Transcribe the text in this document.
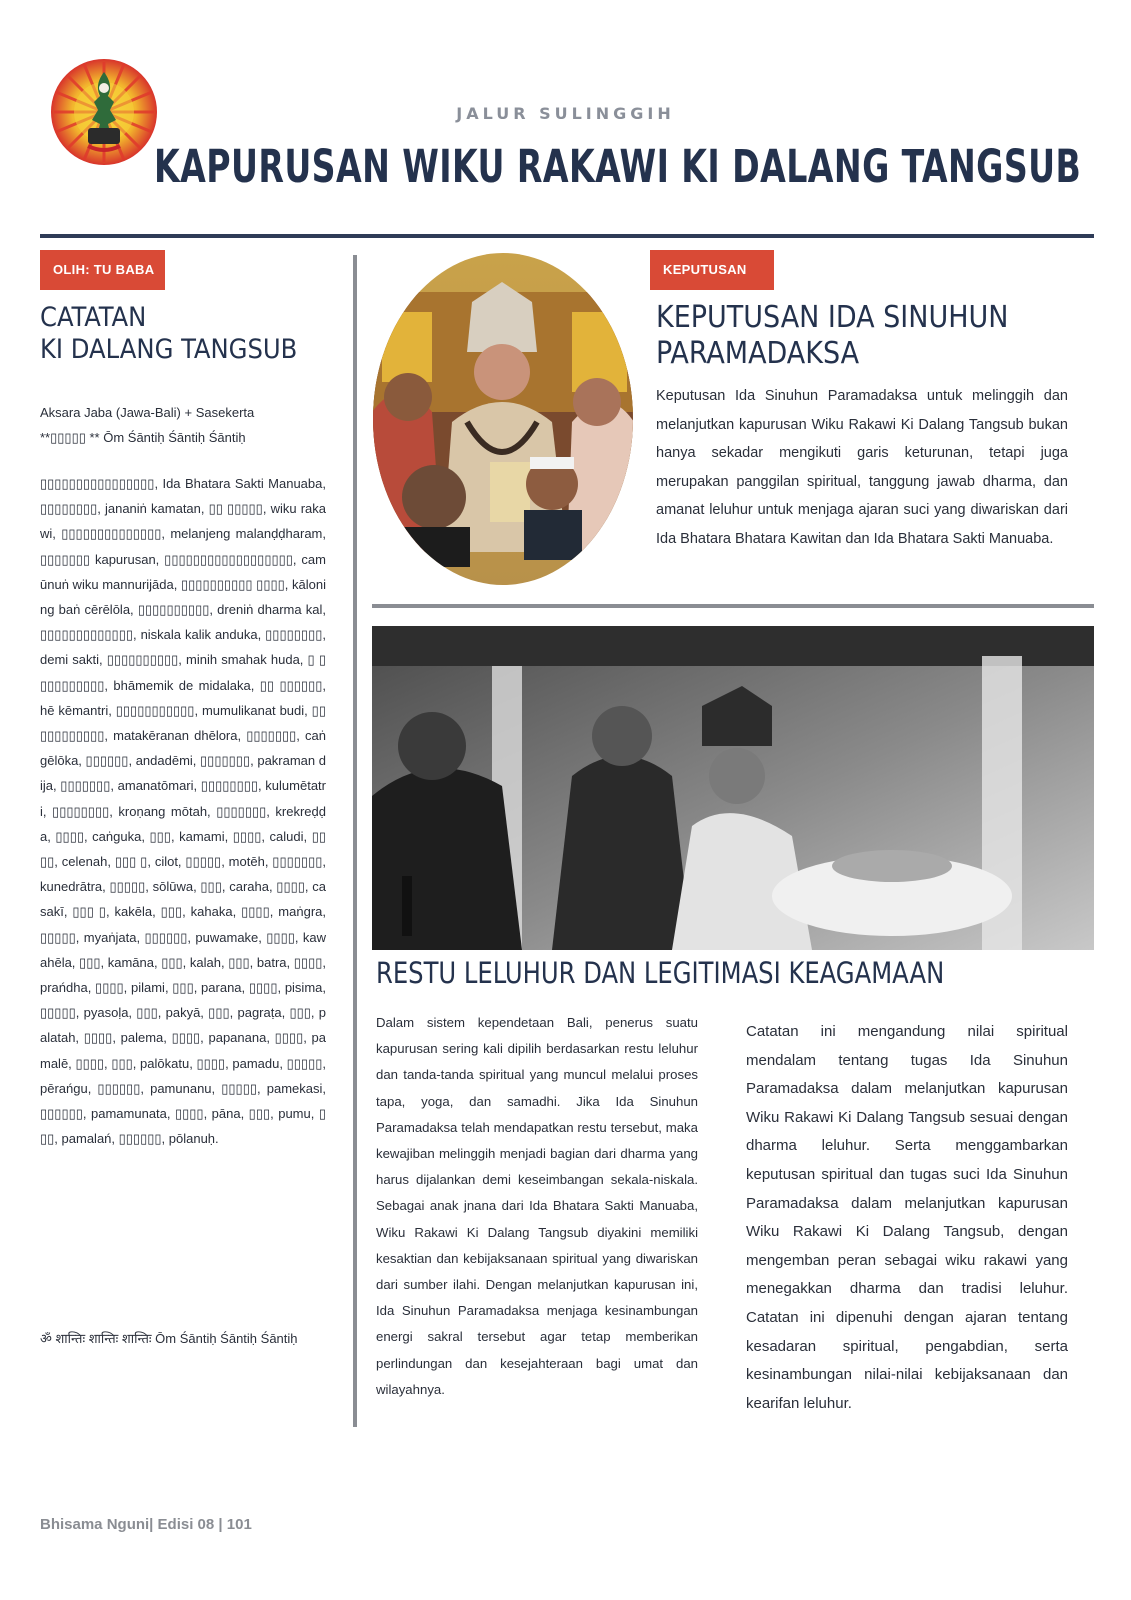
JALUR SULINGGIH
KAPURUSAN WIKU RAKAWI KI DALANG TANGSUB
OLIH: TU BABA
CATATAN
KI DALANG TANGSUB
Aksara Jaba (Jawa-Bali) + Sasekerta
**▯▯▯▯▯ ** Ōm Śāntiḥ Śāntiḥ Śāntiḥ
▯▯▯▯▯▯▯▯▯▯▯▯▯▯▯▯, Ida Bhatara Sakti Manuaba, ▯▯▯▯▯▯▯▯, jananiṅ kamatan, ▯▯ ▯▯▯▯▯, wiku rakawi, ▯▯▯▯▯▯▯▯▯▯▯▯▯▯, melanjeng malanḍḍharam, ▯▯▯▯▯▯▯ kapurusan, ▯▯▯▯▯▯▯▯▯▯▯▯▯▯▯▯▯▯, camūnuṅ wiku mannurijāda, ▯▯▯▯▯▯▯▯▯▯ ▯▯▯▯, kāloning baṅ cērēlōla, ▯▯▯▯▯▯▯▯▯▯, dreniṅ dharma kal, ▯▯▯▯▯▯▯▯▯▯▯▯▯, niskala kalik anduka, ▯▯▯▯▯▯▯▯, demi sakti, ▯▯▯▯▯▯▯▯▯▯, minih smahak huda, ▯ ▯▯▯▯▯▯▯▯▯▯, bhāmemik de midalaka, ▯▯ ▯▯▯▯▯▯, hē kēmantri, ▯▯▯▯▯▯▯▯▯▯▯, mumulikanat budi, ▯▯▯▯▯▯▯▯▯▯▯, matakēranan dhēlora, ▯▯▯▯▯▯▯, caṅgēlōka, ▯▯▯▯▯▯, andadēmi, ▯▯▯▯▯▯▯, pakraman dija, ▯▯▯▯▯▯▯, amanatōmari, ▯▯▯▯▯▯▯▯, kulumētatri, ▯▯▯▯▯▯▯▯, kroṇang mōtah, ▯▯▯▯▯▯▯, krekreḍḍa, ▯▯▯▯, caṅguka, ▯▯▯, kamami, ▯▯▯▯, caludi, ▯▯▯▯, celenah, ▯▯▯ ▯, cilot, ▯▯▯▯▯, motēh, ▯▯▯▯▯▯▯, kunedrātra, ▯▯▯▯▯, sōlūwa, ▯▯▯, caraha, ▯▯▯▯, casakī, ▯▯▯ ▯, kakēla, ▯▯▯, kahaka, ▯▯▯▯, maṅgra, ▯▯▯▯▯, myaṅjata, ▯▯▯▯▯▯, puwamake, ▯▯▯▯, kawahēla, ▯▯▯, kamāna, ▯▯▯, kalah, ▯▯▯, batra, ▯▯▯▯, prańdha, ▯▯▯▯, pilami, ▯▯▯, parana, ▯▯▯▯, pisima, ▯▯▯▯▯, pyasoḷa, ▯▯▯, pakyā, ▯▯▯, pagraṭa, ▯▯▯, palatah, ▯▯▯▯, palema, ▯▯▯▯, papanana, ▯▯▯▯, pamalē, ▯▯▯▯, ▯▯▯, palōkatu, ▯▯▯▯, pamadu, ▯▯▯▯▯, pērańgu, ▯▯▯▯▯▯, pamunanu, ▯▯▯▯▯, pamekasi, ▯▯▯▯▯▯, pamamunata, ▯▯▯▯, pāna, ▯▯▯, pumu, ▯▯▯, pamalań, ▯▯▯▯▯▯, pōlanuḥ.
ॐ शान्तिः शान्तिः शान्तिः Ōm Śāntiḥ Śāntiḥ Śāntiḥ
KEPUTUSAN
KEPUTUSAN IDA SINUHUN
PARAMADAKSA
Keputusan Ida Sinuhun Paramadaksa untuk melinggih dan melanjutkan kapurusan Wiku Rakawi Ki Dalang Tangsub bukan hanya sekadar mengikuti garis keturunan, tetapi juga merupakan panggilan spiritual, tanggung jawab dharma, dan amanat leluhur untuk menjaga ajaran suci yang diwariskan dari Ida Bhatara Bhatara Kawitan dan Ida Bhatara Sakti Manuaba.
RESTU LELUHUR DAN LEGITIMASI KEAGAMAAN
Dalam sistem kependetaan Bali, penerus suatu kapurusan sering kali dipilih berdasarkan restu leluhur dan tanda-tanda spiritual yang muncul melalui proses tapa, yoga, dan samadhi. Jika Ida Sinuhun Paramadaksa telah mendapatkan restu tersebut, maka kewajiban melinggih menjadi bagian dari dharma yang harus dijalankan demi keseimbangan sekala-niskala. Sebagai anak jnana dari Ida Bhatara Sakti Manuaba, Wiku Rakawi Ki Dalang Tangsub diyakini memiliki kesaktian dan kebijaksanaan spiritual yang diwariskan dari sumber ilahi. Dengan melanjutkan kapurusan ini, Ida Sinuhun Paramadaksa menjaga kesinambungan energi sakral tersebut agar tetap memberikan perlindungan dan kesejahteraan bagi umat dan wilayahnya.
Catatan ini mengandung nilai spiritual mendalam tentang tugas Ida Sinuhun Paramadaksa dalam melanjutkan kapurusan Wiku Rakawi Ki Dalang Tangsub sesuai dengan dharma leluhur. Serta menggambarkan keputusan spiritual dan tugas suci Ida Sinuhun Paramadaksa dalam melanjutkan kapurusan Wiku Rakawi Ki Dalang Tangsub, dengan mengemban peran sebagai wiku rakawi yang menegakkan dharma dan tradisi leluhur. Catatan ini dipenuhi dengan ajaran tentang kesadaran spiritual, pengabdian, serta kesinambungan nilai-nilai kebijaksanaan dan kearifan leluhur.
Bhisama Nguni| Edisi 08 | 101
